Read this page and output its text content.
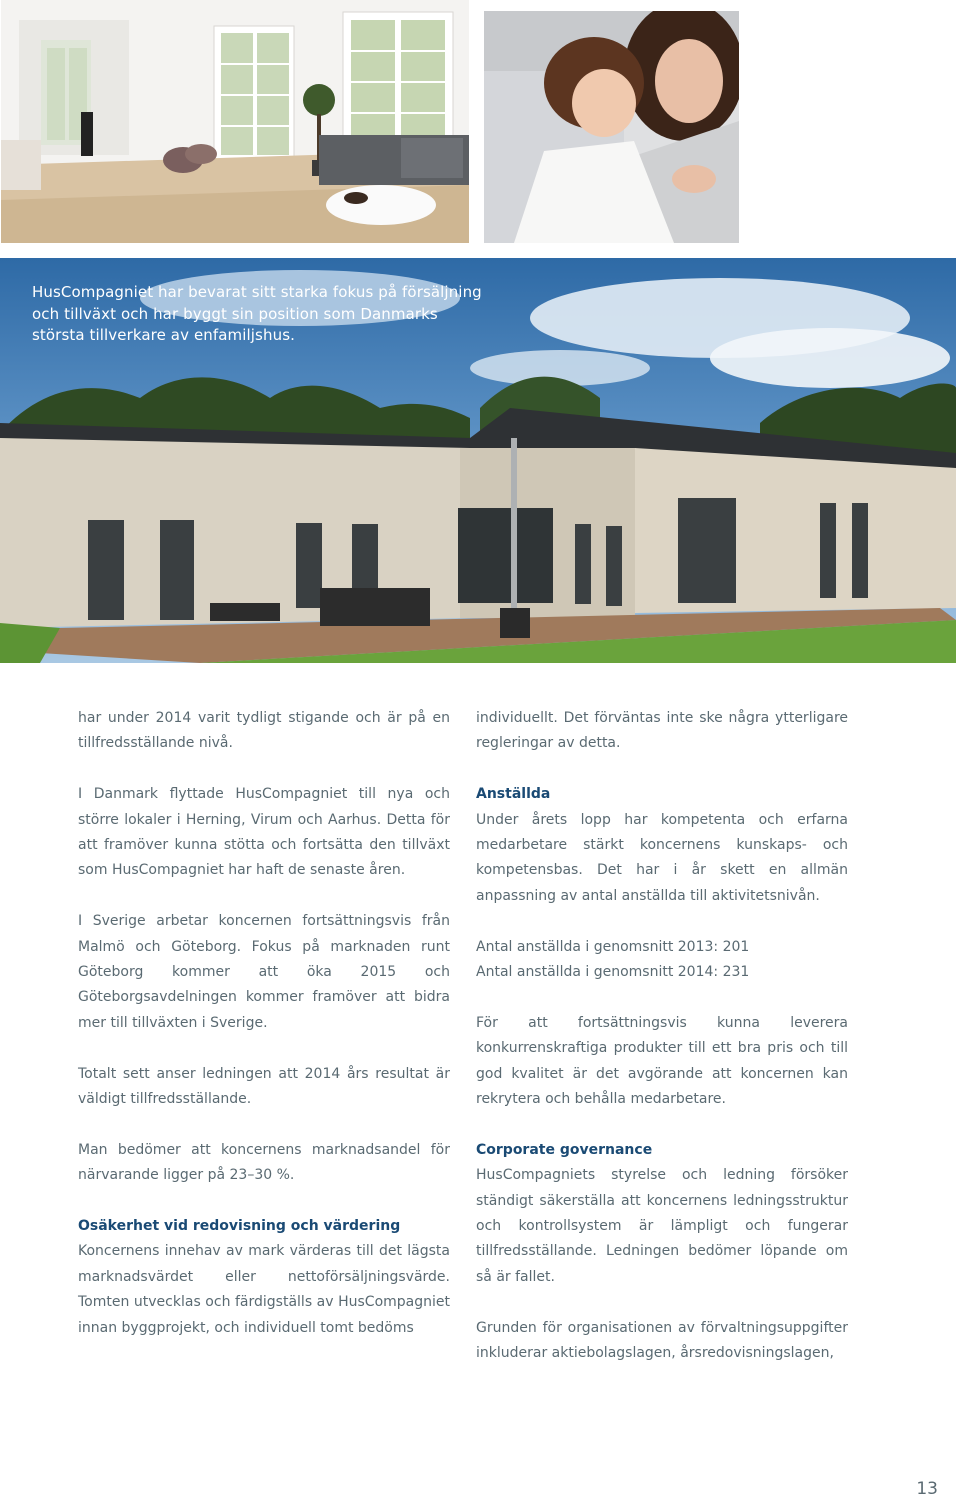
HusCompagniet har bevarat sitt starka fokus på försäljning och tillväxt och har byggt sin position som Danmarks största tillverkare av enfamiljshus.

har under 2014 varit tydligt stigande och är på en tillfredsställande nivå.

I Danmark flyttade HusCompagniet till nya och större lokaler i Herning, Virum och Aarhus. Detta för att framöver kunna stötta och fortsätta den tillväxt som HusCompagniet har haft de senaste åren.

I Sverige arbetar koncernen fortsättningsvis från Malmö och Göteborg. Fokus på marknaden runt Göteborg kommer att öka 2015 och Göteborgsavdelningen kommer framöver att bidra mer till tillväxten i Sverige.

Totalt sett anser ledningen att 2014 års resultat är väldigt tillfredsställande.

Man bedömer att koncernens marknadsandel för närvarande ligger på 23–30 %.

Osäkerhet vid redovisning och värdering

Koncernens innehav av mark värderas till det lägsta marknadsvärdet eller nettoförsäljningsvärde. Tomten utvecklas och färdigställs av HusCompagniet innan byggprojekt, och individuell tomt bedöms

individuellt. Det förväntas inte ske några ytterligare regleringar av detta.

Anställda

Under årets lopp har kompetenta och erfarna medarbetare stärkt koncernens kunskaps- och kompetensbas. Det har i år skett en allmän anpassning av antal anställda till aktivitetsnivån.

Antal anställda i genomsnitt 2013: 201
Antal anställda i genomsnitt 2014: 231

För att fortsättningsvis kunna leverera konkurrenskraftiga produkter till ett bra pris och till god kvalitet är det avgörande att koncernen kan rekrytera och behålla medarbetare.

Corporate governance

HusCompagniets styrelse och ledning försöker ständigt säkerställa att koncernens ledningsstruktur och kontrollsystem är lämpligt och fungerar tillfredsställande. Ledningen bedömer löpande om så är fallet.

Grunden för organisationen av förvaltningsuppgifter inkluderar aktiebolagslagen, årsredovisningslagen,

13
